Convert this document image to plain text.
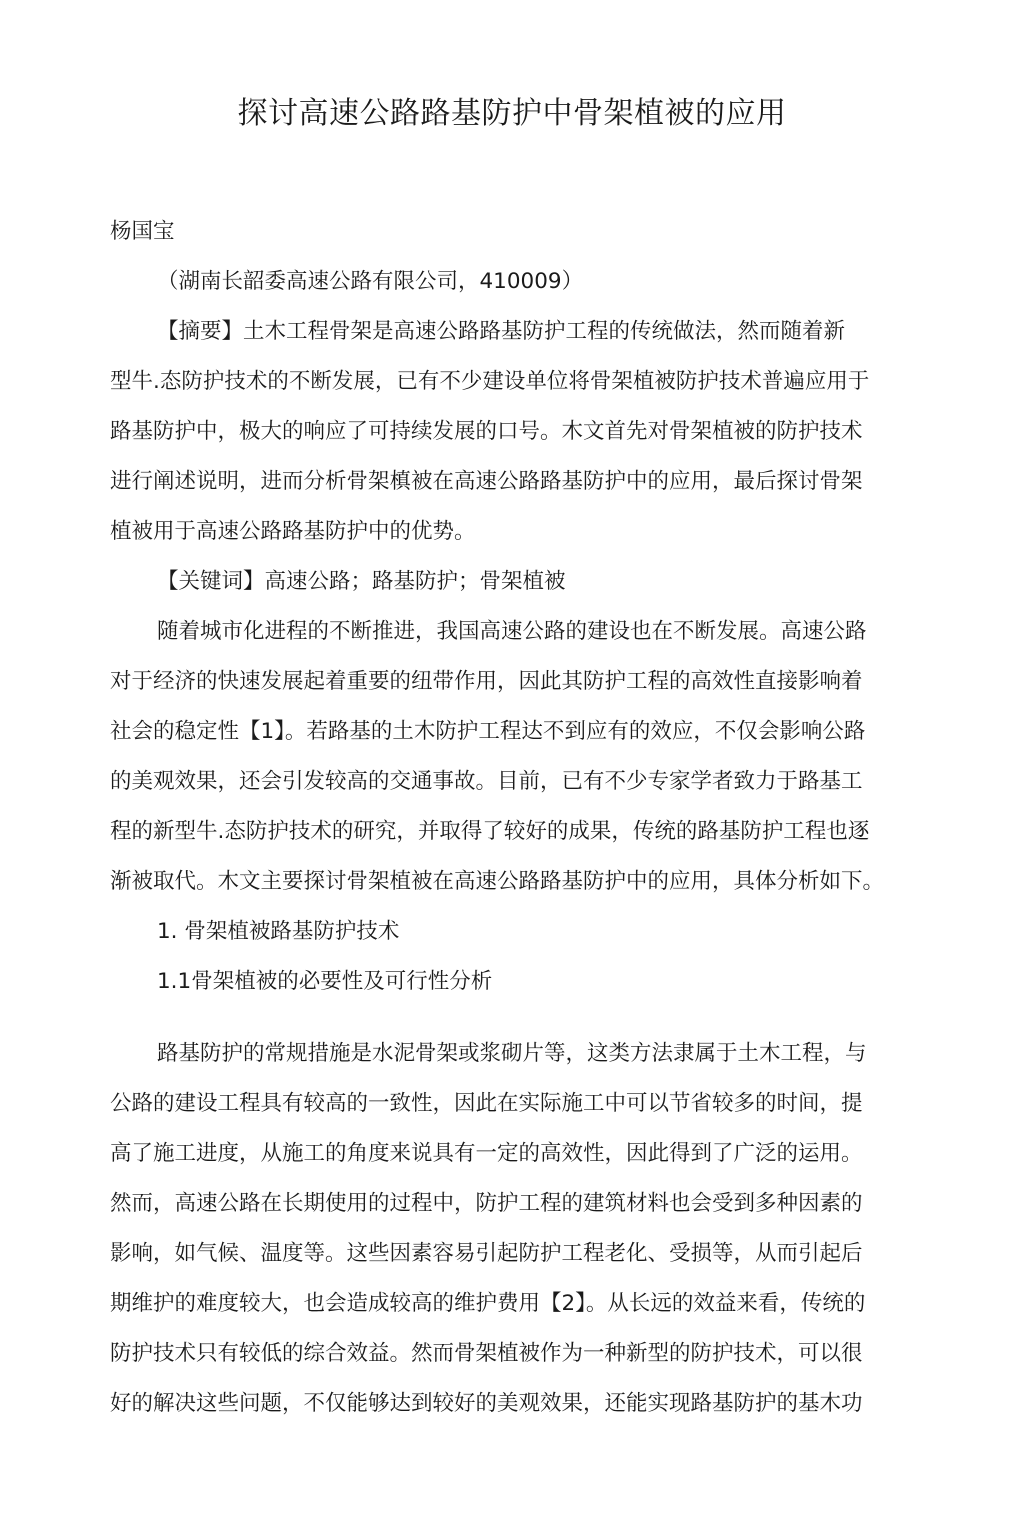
探讨高速公路路基防护中骨架植被的应用
杨国宝
（湖南长韶委高速公路有限公司，410009）
【摘要】土木工程骨架是高速公路路基防护工程的传统做法，然而随着新
型牛.态防护技术的不断发展，已有不少建设单位将骨架植被防护技术普遍应用于
路基防护中，极大的响应了可持续发展的口号。木文首先对骨架植被的防护技术
进行阐述说明，进而分析骨架槙被在高速公路路基防护中的应用，最后探讨骨架
植被用于高速公路路基防护中的优势。
【关键词】高速公路；路基防护；骨架植被
随着城市化进程的不断推进，我国高速公路的建设也在不断发展。高速公路
对于经济的快速发展起着重要的纽带作用，因此其防护工程的高效性直接影响着
社会的稳定性【1】。若路基的土木防护工程达不到应有的效应，不仅会影响公路
的美观效果，还会引发较高的交通事故。目前，已有不少专家学者致力于路基工
程的新型牛.态防护技术的研究，并取得了较好的成果，传统的路基防护工程也逐
渐被取代。木文主要探讨骨架植被在高速公路路基防护中的应用，具体分析如下。
1. 骨架植被路基防护技术
1.1骨架植被的必要性及可行性分析
路基防护的常规措施是水泥骨架或浆砌片等，这类方法隶属于土木工程，与
公路的建设工程具有较高的一致性，因此在实际施工中可以节省较多的时间，提
高了施工进度，从施工的角度来说具有一定的高效性，因此得到了广泛的运用。
然而，高速公路在长期使用的过程中，防护工程的建筑材料也会受到多种因素的
影响，如气候、温度等。这些因素容易引起防护工程老化、受损等，从而引起后
期维护的难度较大，也会造成较高的维护费用【2】。从长远的效益来看，传统的
防护技术只有较低的综合效益。然而骨架植被作为一种新型的防护技术，可以很
好的解决这些问题，不仅能够达到较好的美观效果，还能实现路基防护的基木功
